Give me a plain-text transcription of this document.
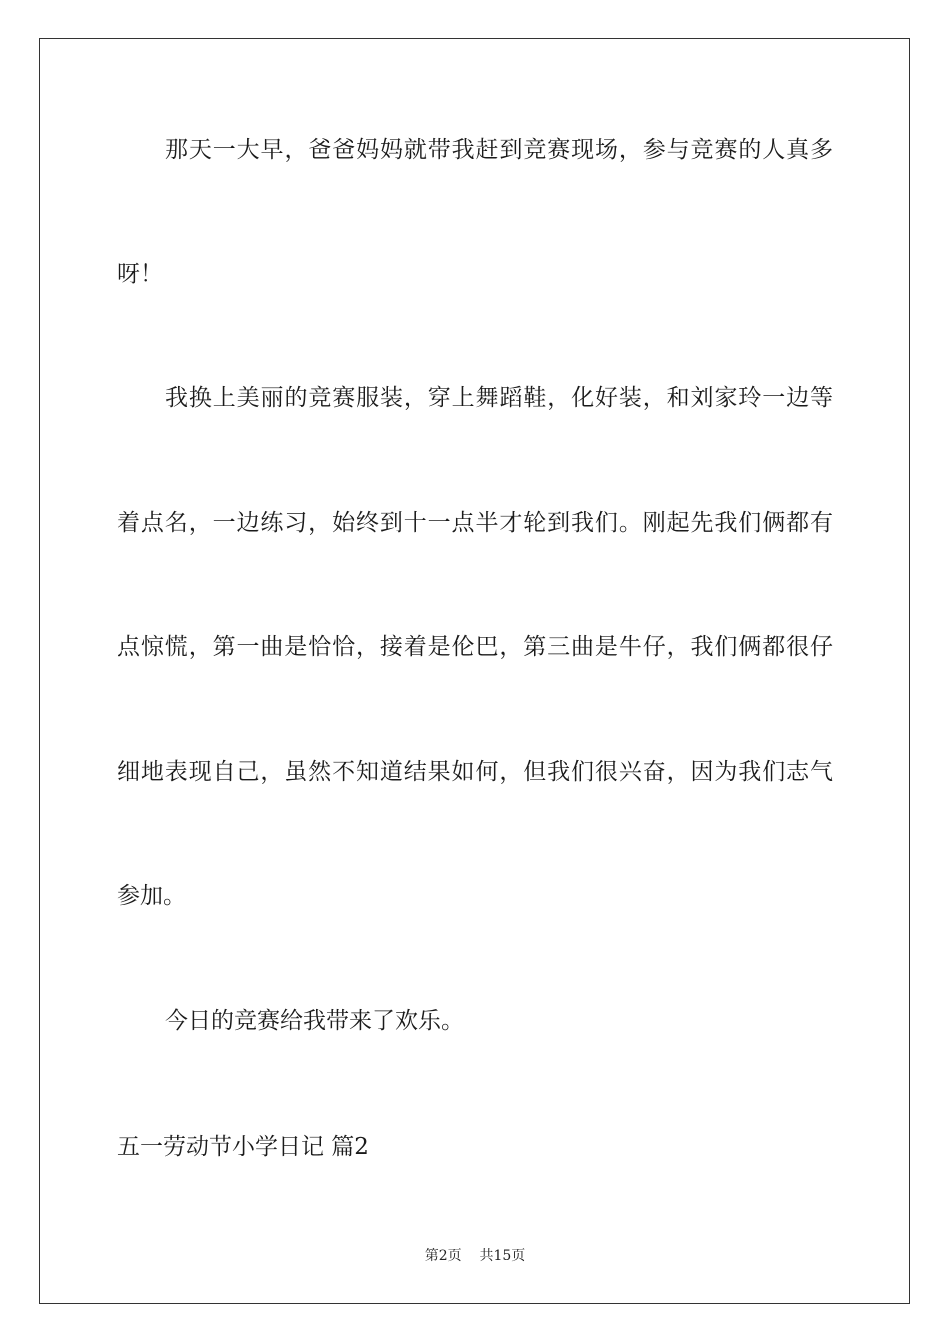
那天一大早，爸爸妈妈就带我赶到竞赛现场，参与竞赛的人真多
呀！
我换上美丽的竞赛服装，穿上舞蹈鞋，化好装，和刘家玲一边等
着点名，一边练习，始终到十一点半才轮到我们。刚起先我们俩都有
点惊慌，第一曲是恰恰，接着是伦巴，第三曲是牛仔，我们俩都很仔
细地表现自己，虽然不知道结果如何，但我们很兴奋，因为我们志气
参加。
今日的竞赛给我带来了欢乐。
五一劳动节小学日记 篇2
第2页    共15页
